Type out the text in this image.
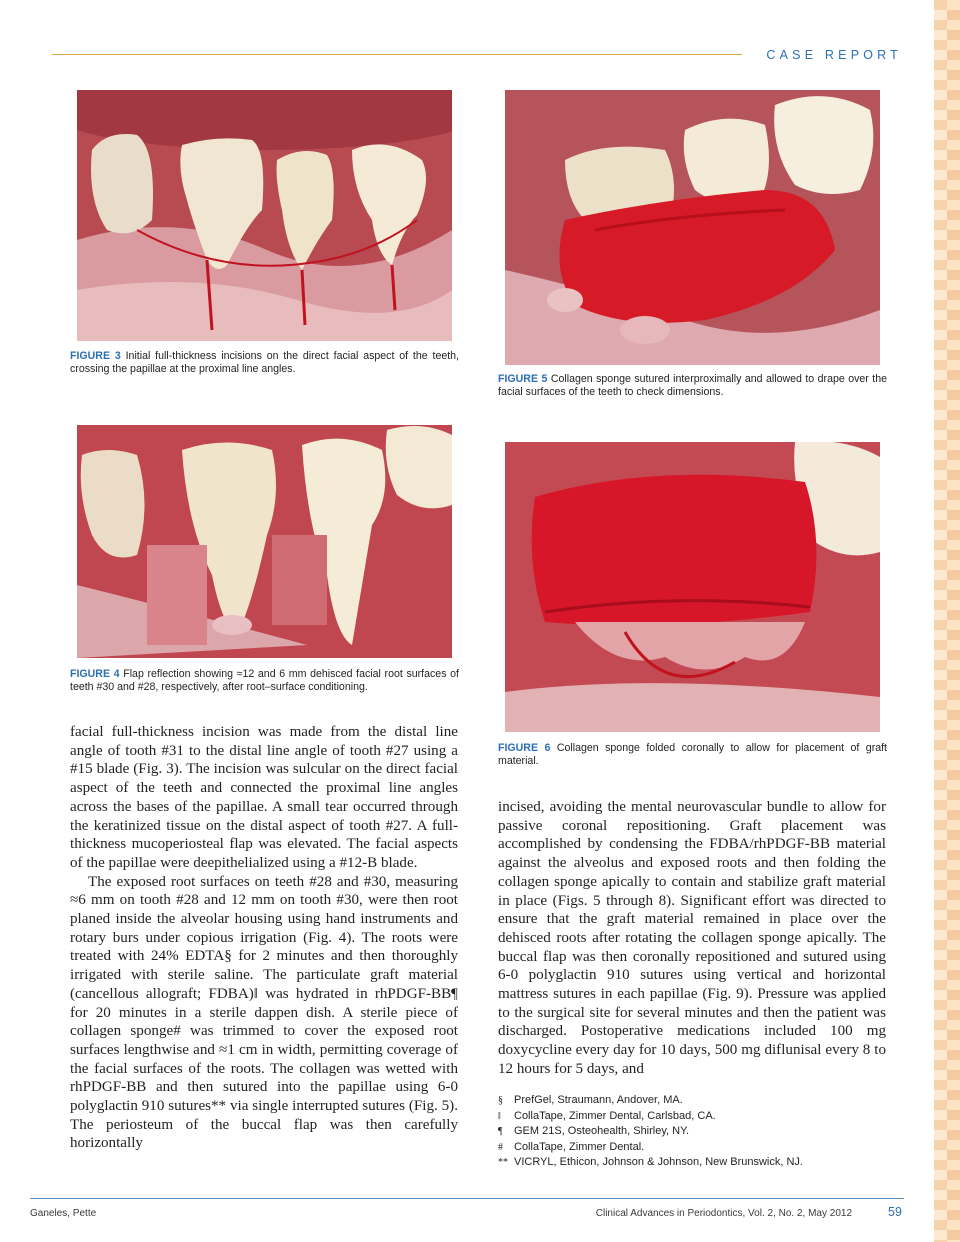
CASE REPORT
FIGURE 3 Initial full-thickness incisions on the direct facial aspect of the teeth, crossing the papillae at the proximal line angles.
FIGURE 5 Collagen sponge sutured interproximally and allowed to drape over the facial surfaces of the teeth to check dimensions.
FIGURE 4 Flap reflection showing ≈12 and 6 mm dehisced facial root surfaces of teeth #30 and #28, respectively, after root–surface conditioning.
FIGURE 6 Collagen sponge folded coronally to allow for placement of graft material.

facial full-thickness incision was made from the distal line angle of tooth #31 to the distal line angle of tooth #27 using a #15 blade (Fig. 3). The incision was sulcular on the direct facial aspect of the teeth and connected the proximal line angles across the bases of the papillae. A small tear occurred through the keratinized tissue on the distal aspect of tooth #27. A full-thickness mucoperiosteal flap was elevated. The facial aspects of the papillae were deepithelialized using a #12-B blade.

The exposed root surfaces on teeth #28 and #30, measuring ≈6 mm on tooth #28 and 12 mm on tooth #30, were then root planed inside the alveolar housing using hand instruments and rotary burs under copious irrigation (Fig. 4). The roots were treated with 24% EDTA§ for 2 minutes and then thoroughly irrigated with sterile saline. The particulate graft material (cancellous allograft; FDBA)‖ was hydrated in rhPDGF-BB¶ for 20 minutes in a sterile dappen dish. A sterile piece of collagen sponge# was trimmed to cover the exposed root surfaces lengthwise and ≈1 cm in width, permitting coverage of the facial surfaces of the roots. The collagen was wetted with rhPDGF-BB and then sutured into the papillae using 6-0 polyglactin 910 sutures** via single interrupted sutures (Fig. 5). The periosteum of the buccal flap was then carefully horizontally

incised, avoiding the mental neurovascular bundle to allow for passive coronal repositioning. Graft placement was accomplished by condensing the FDBA/rhPDGF-BB material against the alveolus and exposed roots and then folding the collagen sponge apically to contain and stabilize graft material in place (Figs. 5 through 8). Significant effort was directed to ensure that the graft material remained in place over the dehisced roots after rotating the collagen sponge apically. The buccal flap was then coronally repositioned and sutured using 6-0 polyglactin 910 sutures using vertical and horizontal mattress sutures in each papillae (Fig. 9). Pressure was applied to the surgical site for several minutes and then the patient was discharged. Postoperative medications included 100 mg doxycycline every day for 10 days, 500 mg diflunisal every 8 to 12 hours for 5 days, and

§ PrefGel, Straumann, Andover, MA.
‖ CollaTape, Zimmer Dental, Carlsbad, CA.
¶ GEM 21S, Osteohealth, Shirley, NY.
# CollaTape, Zimmer Dental.
** VICRYL, Ethicon, Johnson & Johnson, New Brunswick, NJ.
Ganeles, Pette	Clinical Advances in Periodontics, Vol. 2, No. 2, May 2012	59
